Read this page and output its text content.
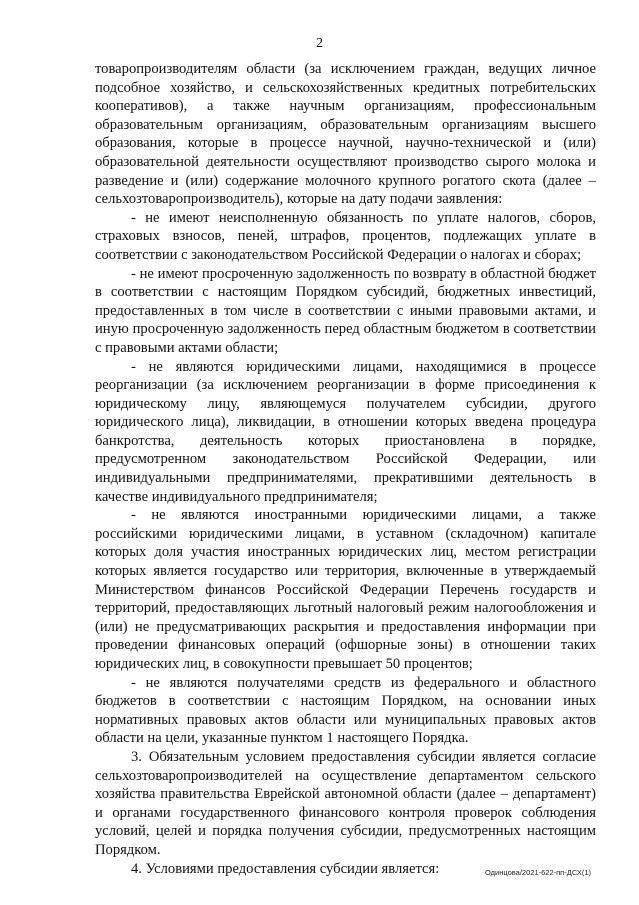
2

товаропроизводителям области (за исключением граждан, ведущих личное подсобное хозяйство, и сельскохозяйственных кредитных потребительских кооперативов), а также научным организациям, профессиональным образовательным организациям, образовательным организациям высшего образования, которые в процессе научной, научно-технической и (или) образовательной деятельности осуществляют производство сырого молока и разведение и (или) содержание молочного крупного рогатого скота (далее – сельхозтоваропроизводитель), которые на дату подачи заявления:

- не имеют неисполненную обязанность по уплате налогов, сборов, страховых взносов, пеней, штрафов, процентов, подлежащих уплате в соответствии с законодательством Российской Федерации о налогах и сборах;

- не имеют просроченную задолженность по возврату в областной бюджет в соответствии с настоящим Порядком субсидий, бюджетных инвестиций, предоставленных в том числе в соответствии с иными правовыми актами, и иную просроченную задолженность перед областным бюджетом в соответствии с правовыми актами области;

- не являются юридическими лицами, находящимися в процессе реорганизации (за исключением реорганизации в форме присоединения к юридическому лицу, являющемуся получателем субсидии, другого юридического лица), ликвидации, в отношении которых введена процедура банкротства, деятельность которых приостановлена в порядке, предусмотренном законодательством Российской Федерации, или индивидуальными предпринимателями, прекратившими деятельность в качестве индивидуального предпринимателя;

- не являются иностранными юридическими лицами, а также российскими юридическими лицами, в уставном (складочном) капитале которых доля участия иностранных юридических лиц, местом регистрации которых является государство или территория, включенные в утверждаемый Министерством финансов Российской Федерации Перечень государств и территорий, предоставляющих льготный налоговый режим налогообложения и (или) не предусматривающих раскрытия и предоставления информации при проведении финансовых операций (офшорные зоны) в отношении таких юридических лиц, в совокупности превышает 50 процентов;

- не являются получателями средств из федерального и областного бюджетов в соответствии с настоящим Порядком, на основании иных нормативных правовых актов области или муниципальных правовых актов области на цели, указанные пунктом 1 настоящего Порядка.

3. Обязательным условием предоставления субсидии является согласие сельхозтоваропроизводителей на осуществление департаментом сельского хозяйства правительства Еврейской автономной области (далее – департамент) и органами государственного финансового контроля проверок соблюдения условий, целей и порядка получения субсидии, предусмотренных настоящим Порядком.

4. Условиями предоставления субсидии является:	Одинцова/2021-622-пп-ДСХ(1)
